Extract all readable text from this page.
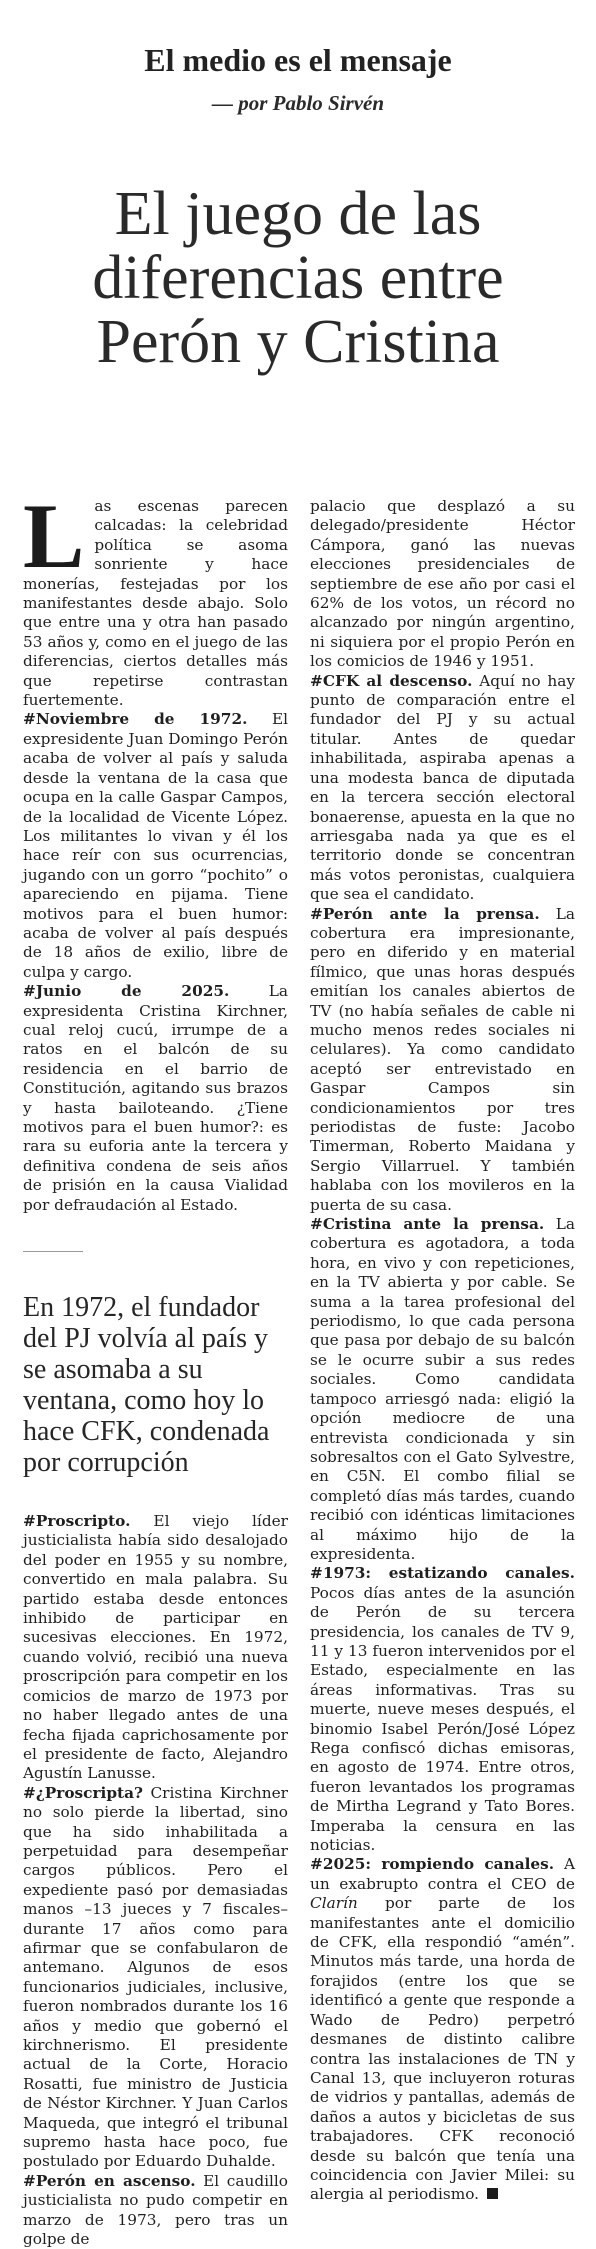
El medio es el mensaje
— por Pablo Sirvén
El juego de las
diferencias entre
Perón y Cristina

Las escenas parecen calcadas: la celebridad política se asoma sonriente y hace monerías, festejadas por los manifestantes desde abajo. Solo que entre una y otra han pasado 53 años y, como en el juego de las diferencias, ciertos detalles más que repetirse contrastan fuertemente.

#Noviembre de 1972. El expresidente Juan Domingo Perón acaba de volver al país y saluda desde la ventana de la casa que ocupa en la calle Gaspar Campos, de la localidad de Vicente López. Los militantes lo vivan y él los hace reír con sus ocurrencias, jugando con un gorro “pochito” o apareciendo en pijama. Tiene motivos para el buen humor: acaba de volver al país después de 18 años de exilio, libre de culpa y cargo.

#Junio de 2025. La expresidenta Cristina Kirchner, cual reloj cucú, irrumpe de a ratos en el balcón de su residencia en el barrio de Constitución, agitando sus brazos y hasta bailoteando. ¿Tiene motivos para el buen humor?: es rara su euforia ante la tercera y definitiva condena de seis años de prisión en la causa Vialidad por defraudación al Estado.

En 1972, el fundador del PJ volvía al país y se asomaba a su ventana, como hoy lo hace CFK, condenada por corrupción

#Proscripto. El viejo líder justicialista había sido desalojado del poder en 1955 y su nombre, convertido en mala palabra. Su partido estaba desde entonces inhibido de participar en sucesivas elecciones. En 1972, cuando volvió, recibió una nueva proscripción para competir en los comicios de marzo de 1973 por no haber llegado antes de una fecha fijada caprichosamente por el presidente de facto, Alejandro Agustín Lanusse.

#¿Proscripta? Cristina Kirchner no solo pierde la libertad, sino que ha sido inhabilitada a perpetuidad para desempeñar cargos públicos. Pero el expediente pasó por demasiadas manos –13 jueces y 7 fiscales– durante 17 años como para afirmar que se confabularon de antemano. Algunos de esos funcionarios judiciales, inclusive, fueron nombrados durante los 16 años y medio que gobernó el kirchnerismo. El presidente actual de la Corte, Horacio Rosatti, fue ministro de Justicia de Néstor Kirchner. Y Juan Carlos Maqueda, que integró el tribunal supremo hasta hace poco, fue postulado por Eduardo Duhalde.

#Perón en ascenso. El caudillo justicialista no pudo competir en marzo de 1973, pero tras un golpe de

palacio que desplazó a su delegado/presidente Héctor Cámpora, ganó las nuevas elecciones presidenciales de septiembre de ese año por casi el 62% de los votos, un récord no alcanzado por ningún argentino, ni siquiera por el propio Perón en los comicios de 1946 y 1951.

#CFK al descenso. Aquí no hay punto de comparación entre el fundador del PJ y su actual titular. Antes de quedar inhabilitada, aspiraba apenas a una modesta banca de diputada en la tercera sección electoral bonaerense, apuesta en la que no arriesgaba nada ya que es el territorio donde se concentran más votos peronistas, cualquiera que sea el candidato.

#Perón ante la prensa. La cobertura era impresionante, pero en diferido y en material fílmico, que unas horas después emitían los canales abiertos de TV (no había señales de cable ni mucho menos redes sociales ni celulares). Ya como candidato aceptó ser entrevistado en Gaspar Campos sin condicionamientos por tres periodistas de fuste: Jacobo Timerman, Roberto Maidana y Sergio Villarruel. Y también hablaba con los movileros en la puerta de su casa.

#Cristina ante la prensa. La cobertura es agotadora, a toda hora, en vivo y con repeticiones, en la TV abierta y por cable. Se suma a la tarea profesional del periodismo, lo que cada persona que pasa por debajo de su balcón se le ocurre subir a sus redes sociales. Como candidata tampoco arriesgó nada: eligió la opción mediocre de una entrevista condicionada y sin sobresaltos con el Gato Sylvestre, en C5N. El combo filial se completó días más tardes, cuando recibió con idénticas limitaciones al máximo hijo de la expresidenta.

#1973: estatizando canales. Pocos días antes de la asunción de Perón de su tercera presidencia, los canales de TV 9, 11 y 13 fueron intervenidos por el Estado, especialmente en las áreas informativas. Tras su muerte, nueve meses después, el binomio Isabel Perón/José López Rega confiscó dichas emisoras, en agosto de 1974. Entre otros, fueron levantados los programas de Mirtha Legrand y Tato Bores. Imperaba la censura en las noticias.

#2025: rompiendo canales. A un exabrupto contra el CEO de Clarín por parte de los manifestantes ante el domicilio de CFK, ella respondió “amén”. Minutos más tarde, una horda de forajidos (entre los que se identificó a gente que responde a Wado de Pedro) perpetró desmanes de distinto calibre contra las instalaciones de TN y Canal 13, que incluyeron roturas de vidrios y pantallas, además de daños a autos y bicicletas de sus trabajadores. CFK reconoció desde su balcón que tenía una coincidencia con Javier Milei: su alergia al periodismo.
